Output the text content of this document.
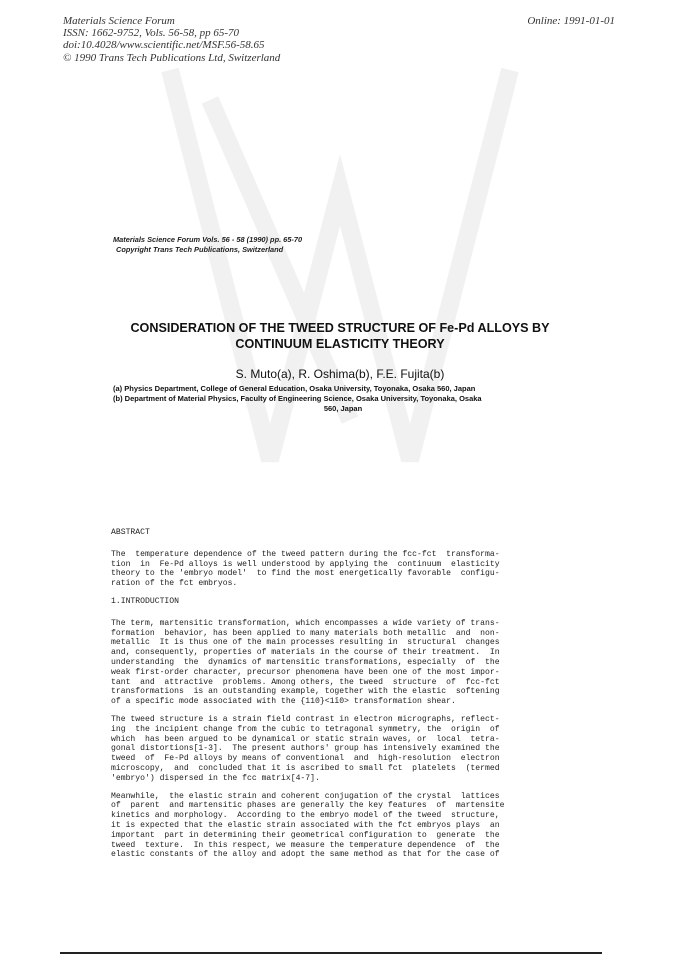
Materials Science Forum
ISSN: 1662-9752, Vols. 56-58, pp 65-70
doi:10.4028/www.scientific.net/MSF.56-58.65
© 1990 Trans Tech Publications Ltd, Switzerland
Online: 1991-01-01
Materials Science Forum Vols. 56 - 58 (1990) pp. 65-70
Copyright Trans Tech Publications, Switzerland
CONSIDERATION OF THE TWEED STRUCTURE OF Fe-Pd ALLOYS BY
CONTINUUM ELASTICITY THEORY
S. Muto(a), R. Oshima(b), F.E. Fujita(b)
(a) Physics Department, College of General Education, Osaka University, Toyonaka, Osaka 560, Japan
(b) Department of Material Physics, Faculty of Engineering Science, Osaka University, Toyonaka, Osaka
560, Japan
ABSTRACT
The  temperature dependence of the tweed pattern during the fcc-fct  transforma-
tion  in  Fe-Pd alloys is well understood by applying the  continuum  elasticity
theory to the 'embryo model'  to find the most energetically favorable  configu-
ration of the fct embryos.
1.INTRODUCTION
The term, martensitic transformation, which encompasses a wide variety of trans-
formation  behavior, has been applied to many materials both metallic  and  non-
metallic  It is thus one of the main processes resulting in  structural  changes
and, consequently, properties of materials in the course of their treatment.  In
understanding  the  dynamics of martensitic transformations, especially  of  the
weak first-order character, precursor phenomena have been one of the most impor-
tant  and  attractive  problems. Among others, the tweed  structure  of  fcc-fct
transformations  is an outstanding example, together with the elastic  softening
of a specific mode associated with the {110}<1ī0> transformation shear.
The tweed structure is a strain field contrast in electron micrographs, reflect-
ing  the incipient change from the cubic to tetragonal symmetry, the  origin  of
which  has been argued to be dynamical or static strain waves, or  local  tetra-
gonal distortions[1-3].  The present authors' group has intensively examined the
tweed  of  Fe-Pd alloys by means of conventional  and  high-resolution  electron
microscopy,  and  concluded that it is ascribed to small fct  platelets  (termed
'embryo') dispersed in the fcc matrix[4-7].
Meanwhile,  the elastic strain and coherent conjugation of the crystal  lattices
of  parent  and martensitic phases are generally the key features  of  martensite
kinetics and morphology.  According to the embryo model of the tweed  structure,
it is expected that the elastic strain associated with the fct embryos plays  an
important  part in determining their geometrical configuration to  generate  the
tweed  texture.  In this respect, we measure the temperature dependence  of  the
elastic constants of the alloy and adopt the same method as that for the case of
